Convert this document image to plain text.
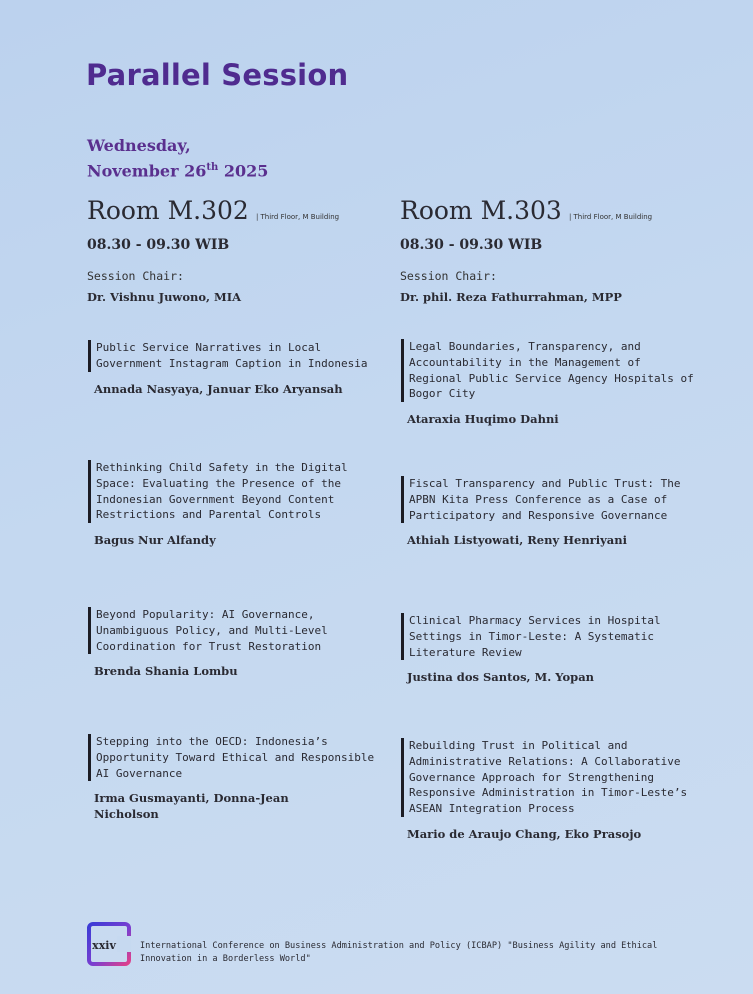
Parallel Session
Wednesday,
November 26th 2025
Room M.302 | Third Floor, M Building
08.30 - 09.30 WIB
Session Chair:
Dr. Vishnu Juwono, MIA
Public Service Narratives in Local Government Instagram Caption in Indonesia
Annada Nasyaya, Januar Eko Aryansah
Rethinking Child Safety in the Digital Space: Evaluating the Presence of the Indonesian Government Beyond Content Restrictions and Parental Controls
Bagus Nur Alfandy
Beyond Popularity: AI Governance, Unambiguous Policy, and Multi-Level Coordination for Trust Restoration
Brenda Shania Lombu
Stepping into the OECD: Indonesia’s Opportunity Toward Ethical and Responsible AI Governance
Irma Gusmayanti, Donna-Jean Nicholson
Room M.303 | Third Floor, M Building
08.30 - 09.30 WIB
Session Chair:
Dr. phil. Reza Fathurrahman, MPP
Legal Boundaries, Transparency, and Accountability in the Management of Regional Public Service Agency Hospitals of Bogor City
Ataraxia Huqimo Dahni
Fiscal Transparency and Public Trust: The APBN Kita Press Conference as a Case of Participatory and Responsive Governance
Athiah Listyowati, Reny Henriyani
Clinical Pharmacy Services in Hospital Settings in Timor-Leste: A Systematic Literature Review
Justina dos Santos, M. Yopan
Rebuilding Trust in Political and Administrative Relations: A Collaborative Governance Approach for Strengthening Responsive Administration in Timor-Leste’s ASEAN Integration Process
Mario de Araujo Chang, Eko Prasojo
xxiv	International Conference on Business Administration and Policy (ICBAP) "Business Agility and Ethical Innovation in a Borderless World"
